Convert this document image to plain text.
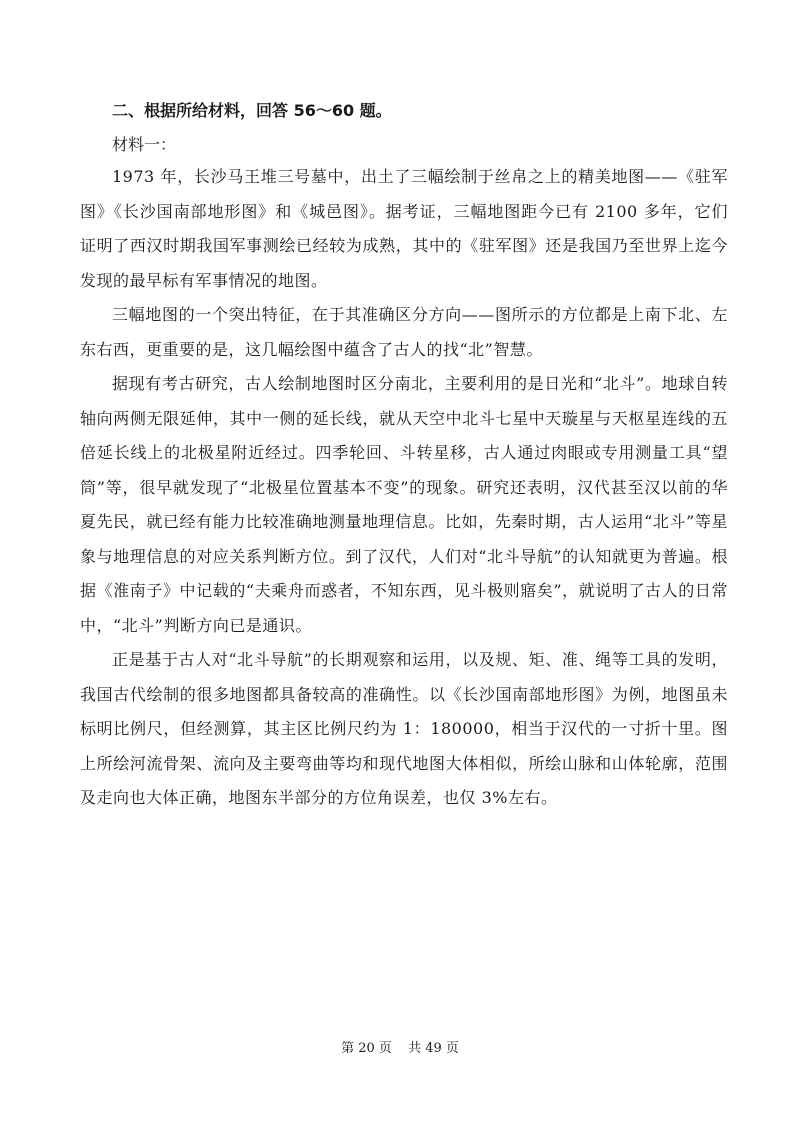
二、根据所给材料，回答 56～60 题。
材料一：

1973 年，长沙马王堆三号墓中，出土了三幅绘制于丝帛之上的精美地图——《驻军图》《长沙国南部地形图》和《城邑图》。据考证，三幅地图距今已有 2100 多年，它们证明了西汉时期我国军事测绘已经较为成熟，其中的《驻军图》还是我国乃至世界上迄今发现的最早标有军事情况的地图。

三幅地图的一个突出特征，在于其准确区分方向——图所示的方位都是上南下北、左东右西，更重要的是，这几幅绘图中蕴含了古人的找“北”智慧。

据现有考古研究，古人绘制地图时区分南北，主要利用的是日光和“北斗”。地球自转轴向两侧无限延伸，其中一侧的延长线，就从天空中北斗七星中天璇星与天枢星连线的五倍延长线上的北极星附近经过。四季轮回、斗转星移，古人通过肉眼或专用测量工具“望筒”等，很早就发现了“北极星位置基本不变”的现象。研究还表明，汉代甚至汉以前的华夏先民，就已经有能力比较准确地测量地理信息。比如，先秦时期，古人运用“北斗”等星象与地理信息的对应关系判断方位。到了汉代，人们对“北斗导航”的认知就更为普遍。根据《淮南子》中记载的“夫乘舟而惑者，不知东西，见斗极则寤矣”，就说明了古人的日常中，“北斗”判断方向已是通识。

正是基于古人对“北斗导航”的长期观察和运用，以及规、矩、准、绳等工具的发明，我国古代绘制的很多地图都具备较高的准确性。以《长沙国南部地形图》为例，地图虽未标明比例尺，但经测算，其主区比例尺约为 1：180000，相当于汉代的一寸折十里。图上所绘河流骨架、流向及主要弯曲等均和现代地图大体相似，所绘山脉和山体轮廓，范围及走向也大体正确，地图东半部分的方位角误差，也仅 3%左右。

第 20 页 共 49 页
